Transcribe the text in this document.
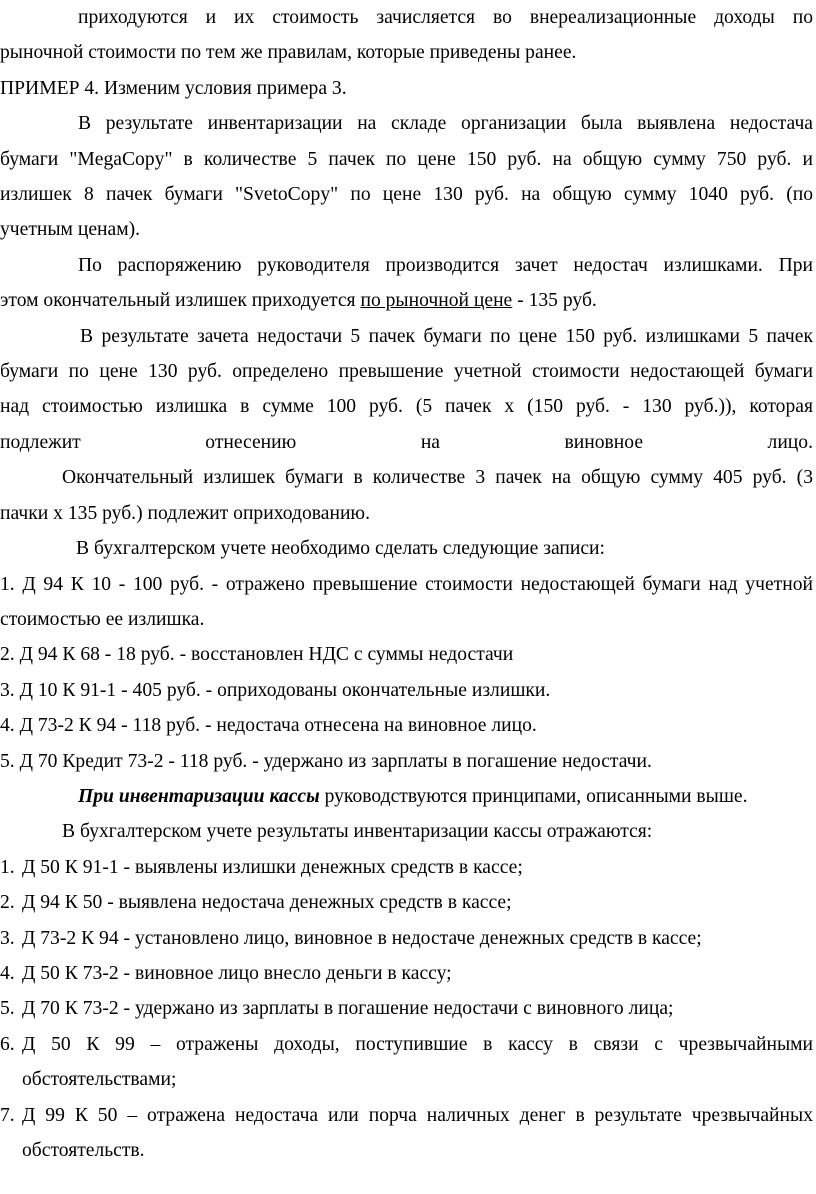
приходуются и их стоимость зачисляется во внереализационные доходы по

рыночной стоимости по тем же правилам, которые приведены ранее.

ПРИМЕР 4. Изменим условия примера 3.

В результате инвентаризации на складе организации была выявлена недостача

бумаги "MegaCopy" в количестве 5 пачек по цене 150 руб. на общую сумму 750 руб. и

излишек 8 пачек бумаги "SvetoCopy" по цене 130 руб. на общую сумму 1040 руб. (по

учетным ценам).

По распоряжению руководителя производится зачет недостач излишками. При

этом окончательный излишек приходуется по рыночной цене - 135 руб.

В результате зачета недостачи 5 пачек бумаги по цене 150 руб. излишками 5 пачек

бумаги по цене 130 руб. определено превышение учетной стоимости недостающей бумаги

над стоимостью излишка в сумме 100 руб. (5 пачек x (150 руб. - 130 руб.)), которая

подлежит отнесению на виновное лицо.

Окончательный излишек бумаги в количестве 3 пачек на общую сумму 405 руб. (3

пачки x 135 руб.) подлежит оприходованию.

В бухгалтерском учете необходимо сделать следующие записи:

1. Д 94 К 10 - 100 руб. - отражено превышение стоимости недостающей бумаги над учетной

стоимостью ее излишка.

2. Д 94 К 68 - 18 руб. - восстановлен НДС с суммы недостачи

3. Д 10 К 91-1 - 405 руб. - оприходованы окончательные излишки.

4. Д 73-2 К 94 - 118 руб. - недостача отнесена на виновное лицо.

5. Д 70 Кредит 73-2 - 118 руб. - удержано из зарплаты в погашение недостачи.

При инвентаризации кассы руководствуются принципами, описанными выше.

В бухгалтерском учете результаты инвентаризации кассы отражаются:

1. Д 50 К 91-1 - выявлены излишки денежных средств в кассе;
2. Д 94 К 50 - выявлена недостача денежных средств в кассе;
3. Д 73-2 К 94 - установлено лицо, виновное в недостаче денежных средств в кассе;
4. Д 50 К 73-2 - виновное лицо внесло деньги в кассу;
5. Д 70 К 73-2 - удержано из зарплаты в погашение недостачи с виновного лица;
6. Д 50 К 99 – отражены доходы, поступившие в кассу в связи с чрезвычайными обстоятельствами;
7. Д 99 К 50 – отражена недостача или порча наличных денег в результате чрезвычайных обстоятельств.
